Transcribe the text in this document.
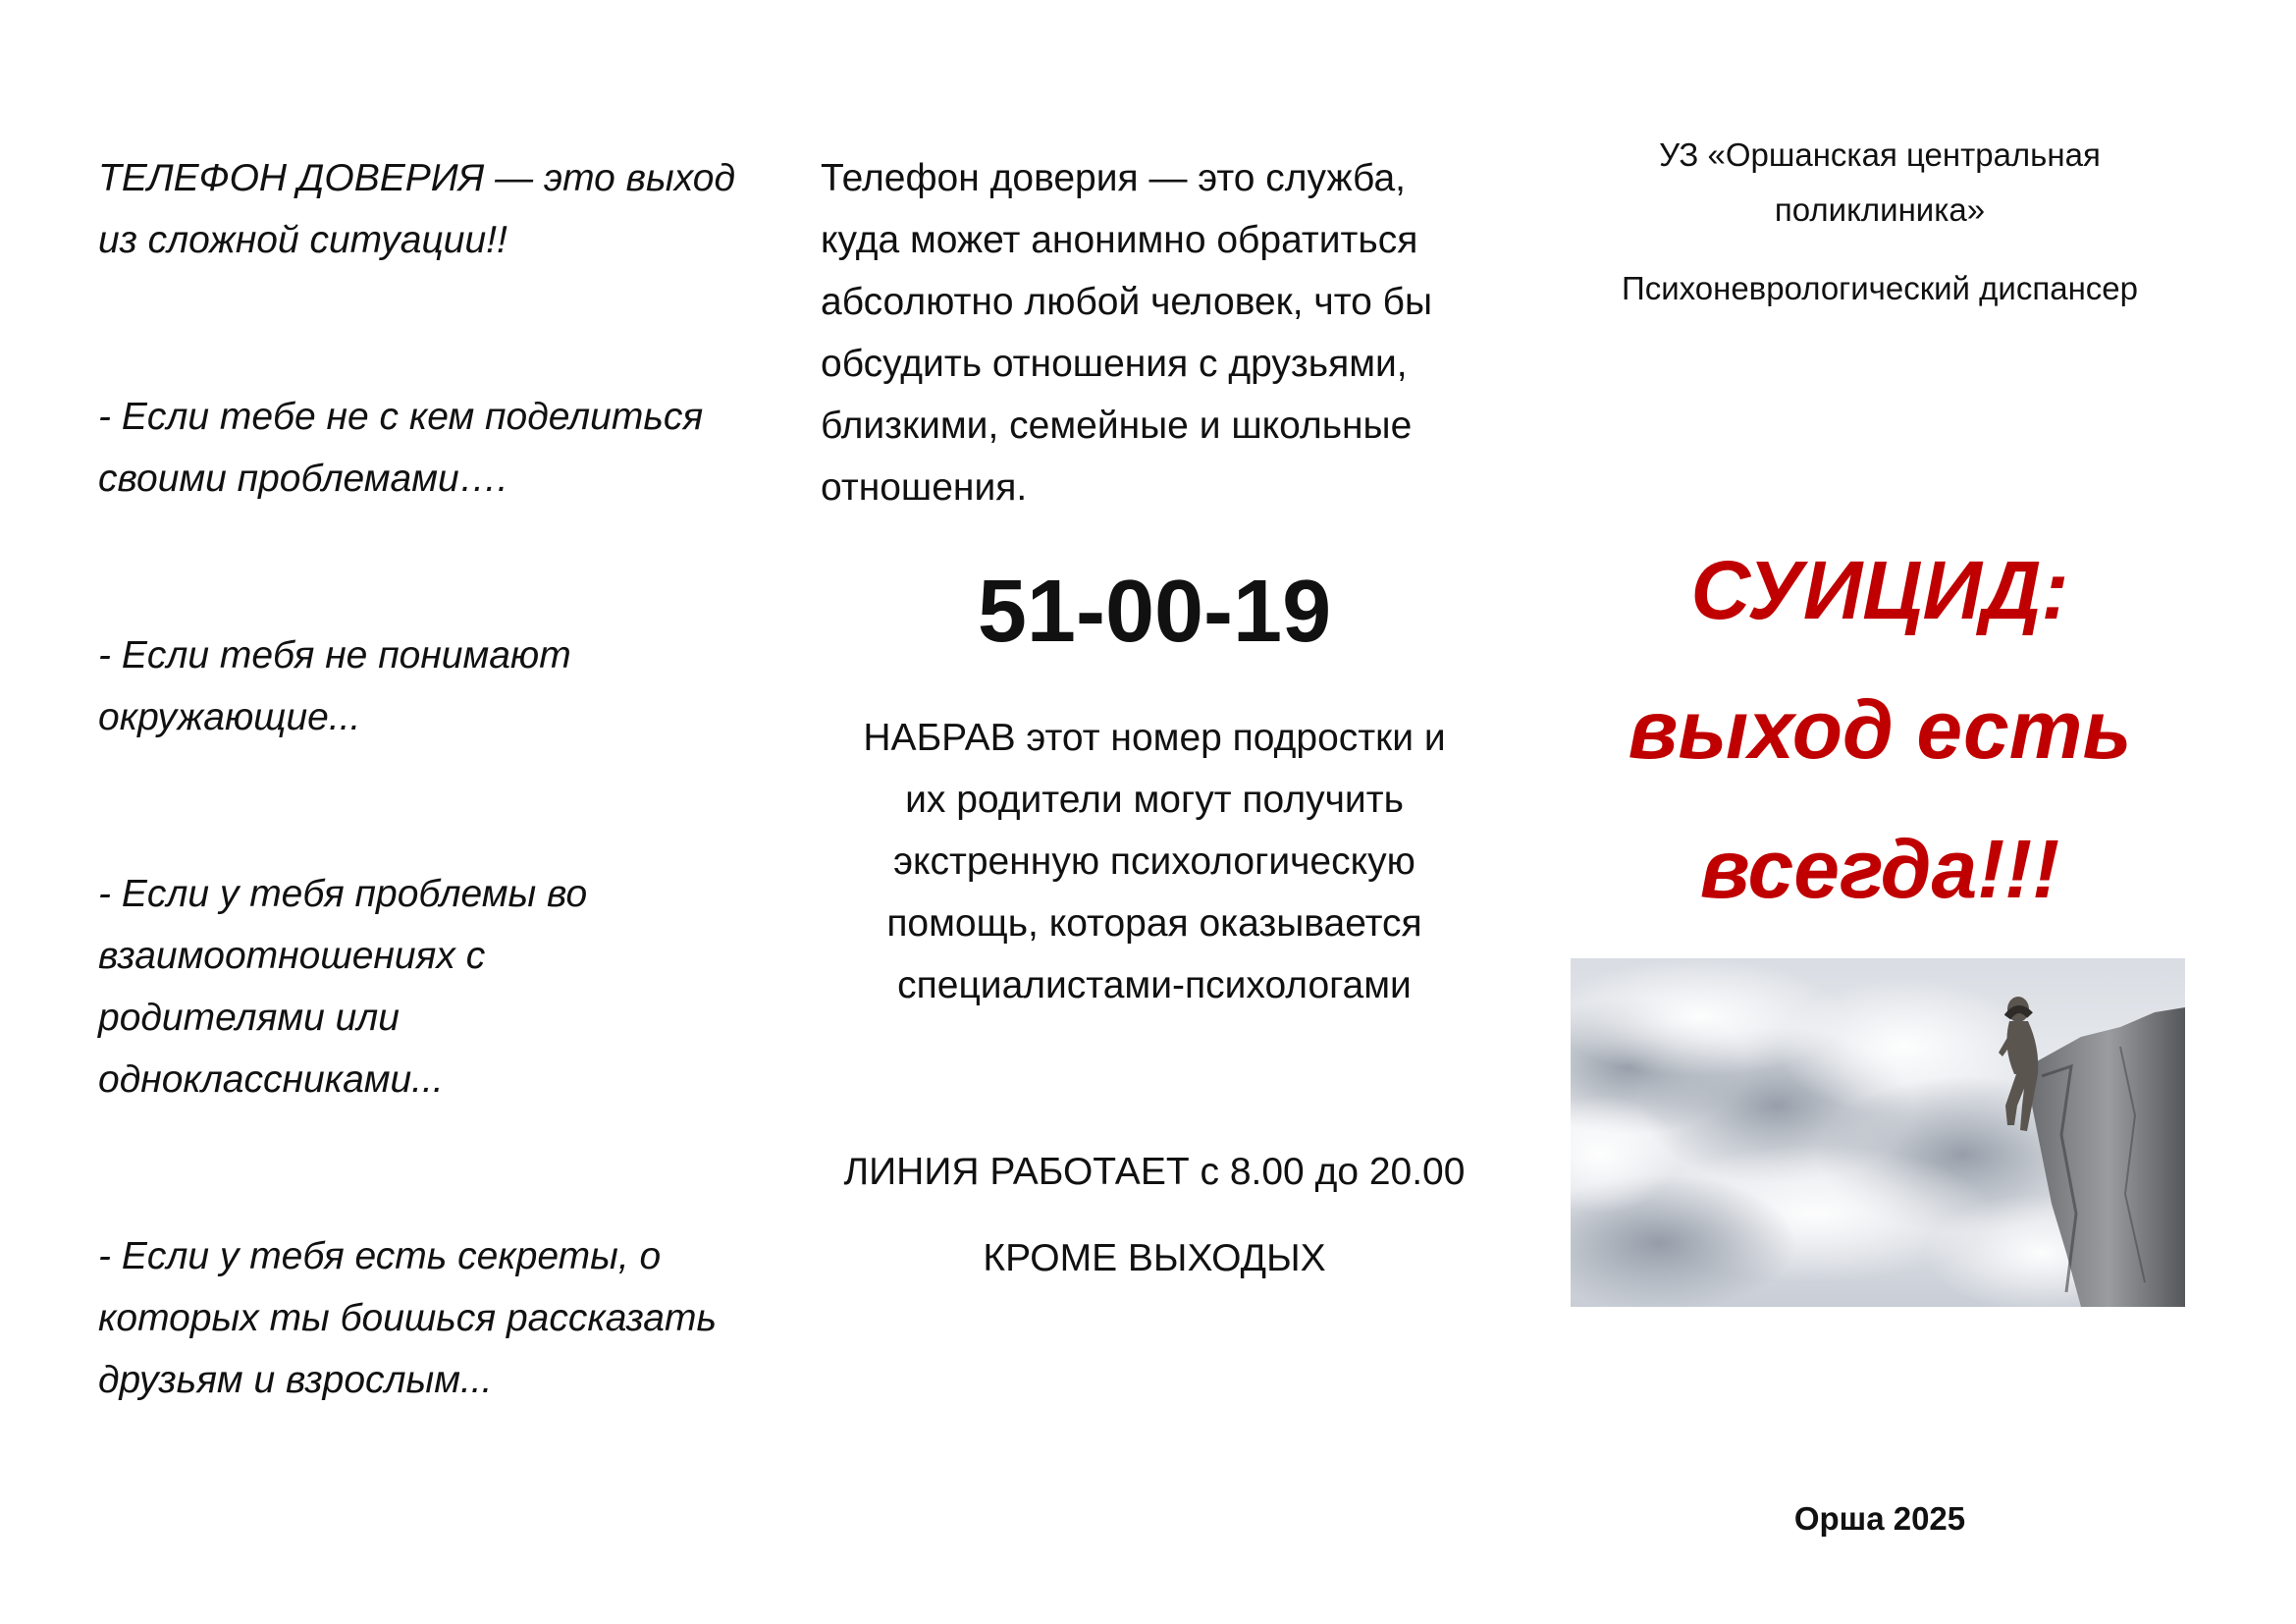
ТЕЛЕФОН ДОВЕРИЯ — это выход
из сложной ситуации!!

- Если тебе не с кем поделиться
своими проблемами….

- Если тебя не понимают
окружающие...

- Если у тебя проблемы во
взаимоотношениях с
родителями или
одноклассниками...

- Если у тебя есть секреты, о
которых ты боишься рассказать
друзьям и взрослым...

Телефон доверия — это служба,
куда может анонимно обратиться
абсолютно любой человек, что бы
обсудить отношения с друзьями,
близкими, семейные и школьные
отношения.

51-00-19

НАБРАВ этот номер подростки и
их родители могут получить
экстренную психологическую
помощь, которая оказывается
специалистами-психологами

ЛИНИЯ РАБОТАЕТ с 8.00 до 20.00

КРОМЕ ВЫХОДЫХ

УЗ «Оршанская центральная
поликлиника»

Психоневрологический диспансер

СУИЦИД:
выход есть
всегда!!!

Орша 2025
